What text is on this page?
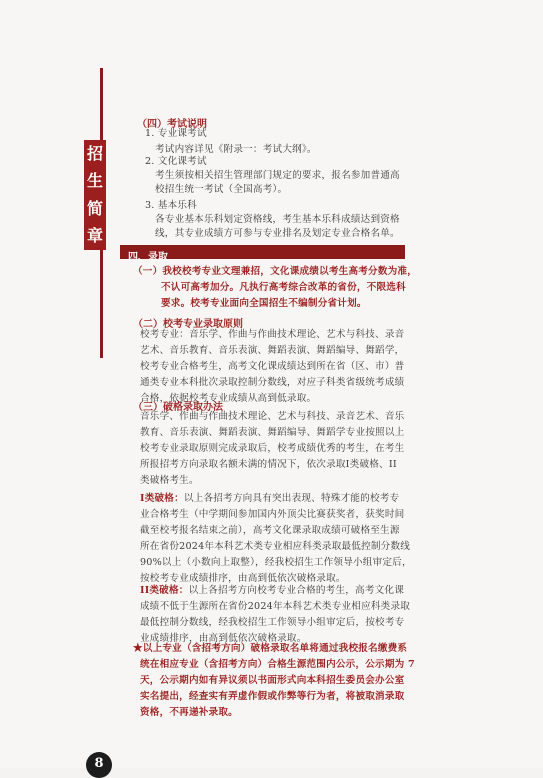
招
生
简
章
（四）考试说明
1. 专业课考试
考试内容详见《附录一：考试大纲》。
2. 文化课考试
考生须按相关招生管理部门规定的要求，报名参加普通高
校招生统一考试（全国高考）。
3. 基本乐科
各专业基本乐科划定资格线，考生基本乐科成绩达到资格
线，其专业成绩方可参与专业排名及划定专业合格名单。
四、录取
（一）我校校考专业文理兼招，文化课成绩以考生高考分数为准，
不认可高考加分。凡执行高考综合改革的省份，不限选科
要求。校考专业面向全国招生不编制分省计划。
（二）校考专业录取原则
校考专业：音乐学、作曲与作曲技术理论、艺术与科技、录音
艺术、音乐教育、音乐表演、舞蹈表演、舞蹈编导、舞蹈学，
校考专业合格考生，高考文化课成绩达到所在省（区、市）普
通类专业本科批次录取控制分数线，对应子科类省级统考成绩
合格，依据校考专业成绩从高到低录取。
（三）破格录取办法
音乐学、作曲与作曲技术理论、艺术与科技、录音艺术、音乐
教育、音乐表演、舞蹈表演、舞蹈编导、舞蹈学专业按照以上
校考专业录取原则完成录取后，校考成绩优秀的考生，在考生
所报招考方向录取名额未满的情况下，依次录取I类破格、II
类破格考生。
I类破格：以上各招考方向具有突出表现、特殊才能的校考专
业合格考生（中学期间参加国内外顶尖比赛获奖者，获奖时间
截至校考报名结束之前），高考文化课录取成绩可破格至生源
所在省份2024年本科艺术类专业相应科类录取最低控制分数线
90%以上（小数向上取整），经我校招生工作领导小组审定后，
按校考专业成绩排序，由高到低依次破格录取。
II类破格：以上各招考方向校考专业合格的考生，高考文化课
成绩不低于生源所在省份2024年本科艺术类专业相应科类录取
最低控制分数线，经我校招生工作领导小组审定后，按校考专
业成绩排序，由高到低依次破格录取。
★以上专业（含招考方向）破格录取名单将通过我校报名缴费系
统在相应专业（含招考方向）合格生源范围内公示，公示期为 7
天，公示期内如有异议须以书面形式向本科招生委员会办公室
实名提出，经查实有弄虚作假或作弊等行为者，将被取消录取
资格，不再递补录取。
8
